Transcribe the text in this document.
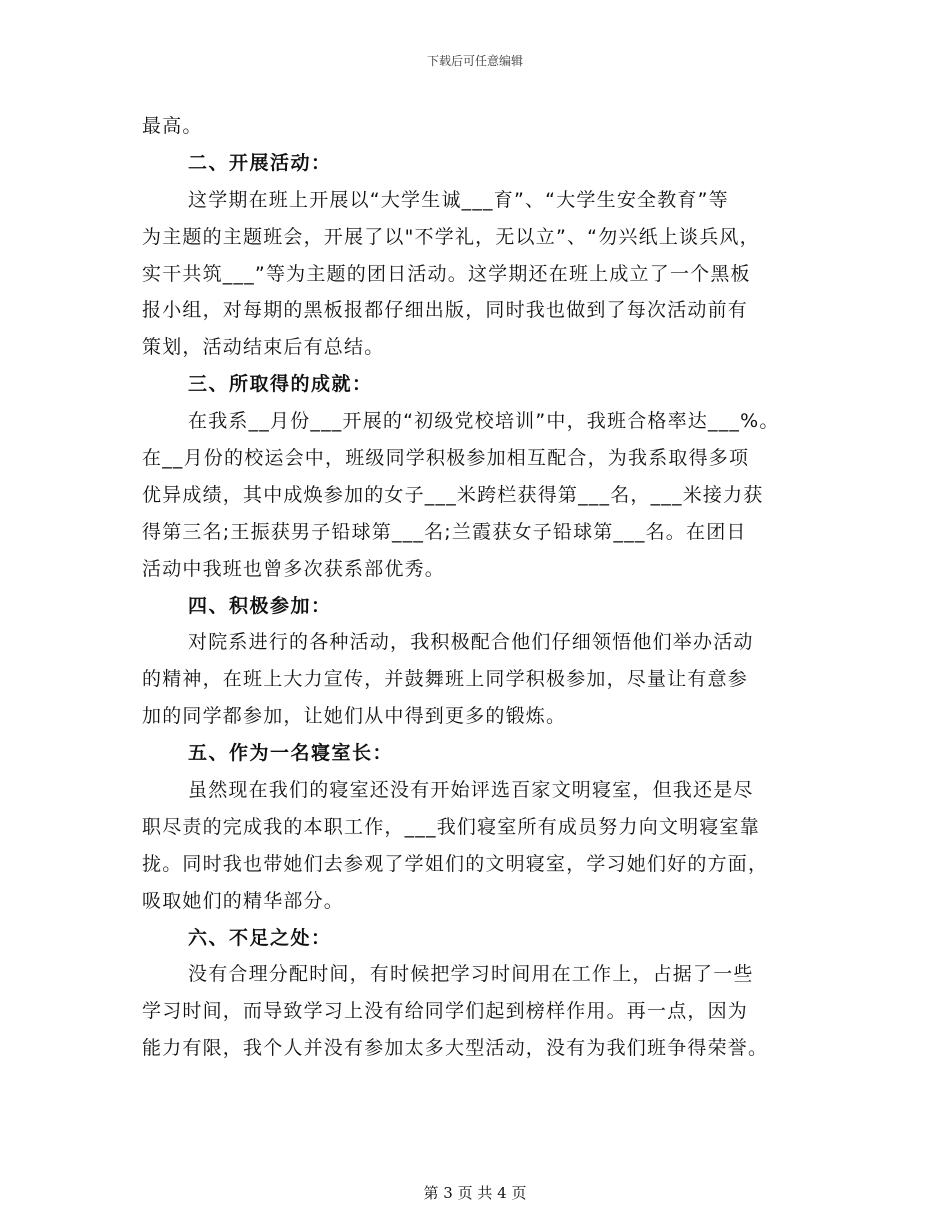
下载后可任意编辑
最高。
二、开展活动：
这学期在班上开展以“大学生诚___育”、“大学生安全教育”等
为主题的主题班会，开展了以"不学礼，无以立”、“勿兴纸上谈兵风，
实干共筑___”等为主题的团日活动。这学期还在班上成立了一个黑板
报小组，对每期的黑板报都仔细出版，同时我也做到了每次活动前有
策划，活动结束后有总结。
三、所取得的成就：
在我系__月份___开展的“初级党校培训”中，我班合格率达___%。
在__月份的校运会中，班级同学积极参加相互配合，为我系取得多项
优异成绩，其中成焕参加的女子___米跨栏获得第___名，___米接力获
得第三名;王振获男子铅球第___名;兰霞获女子铅球第___名。在团日
活动中我班也曾多次获系部优秀。
四、积极参加：
对院系进行的各种活动，我积极配合他们仔细领悟他们举办活动
的精神，在班上大力宣传，并鼓舞班上同学积极参加，尽量让有意参
加的同学都参加，让她们从中得到更多的锻炼。
五、作为一名寝室长：
虽然现在我们的寝室还没有开始评选百家文明寝室，但我还是尽
职尽责的完成我的本职工作，___我们寝室所有成员努力向文明寝室靠
拢。同时我也带她们去参观了学姐们的文明寝室，学习她们好的方面，
吸取她们的精华部分。
六、不足之处：
没有合理分配时间，有时候把学习时间用在工作上，占据了一些
学习时间，而导致学习上没有给同学们起到榜样作用。再一点，因为
能力有限，我个人并没有参加太多大型活动，没有为我们班争得荣誉。
第 3 页 共 4 页
